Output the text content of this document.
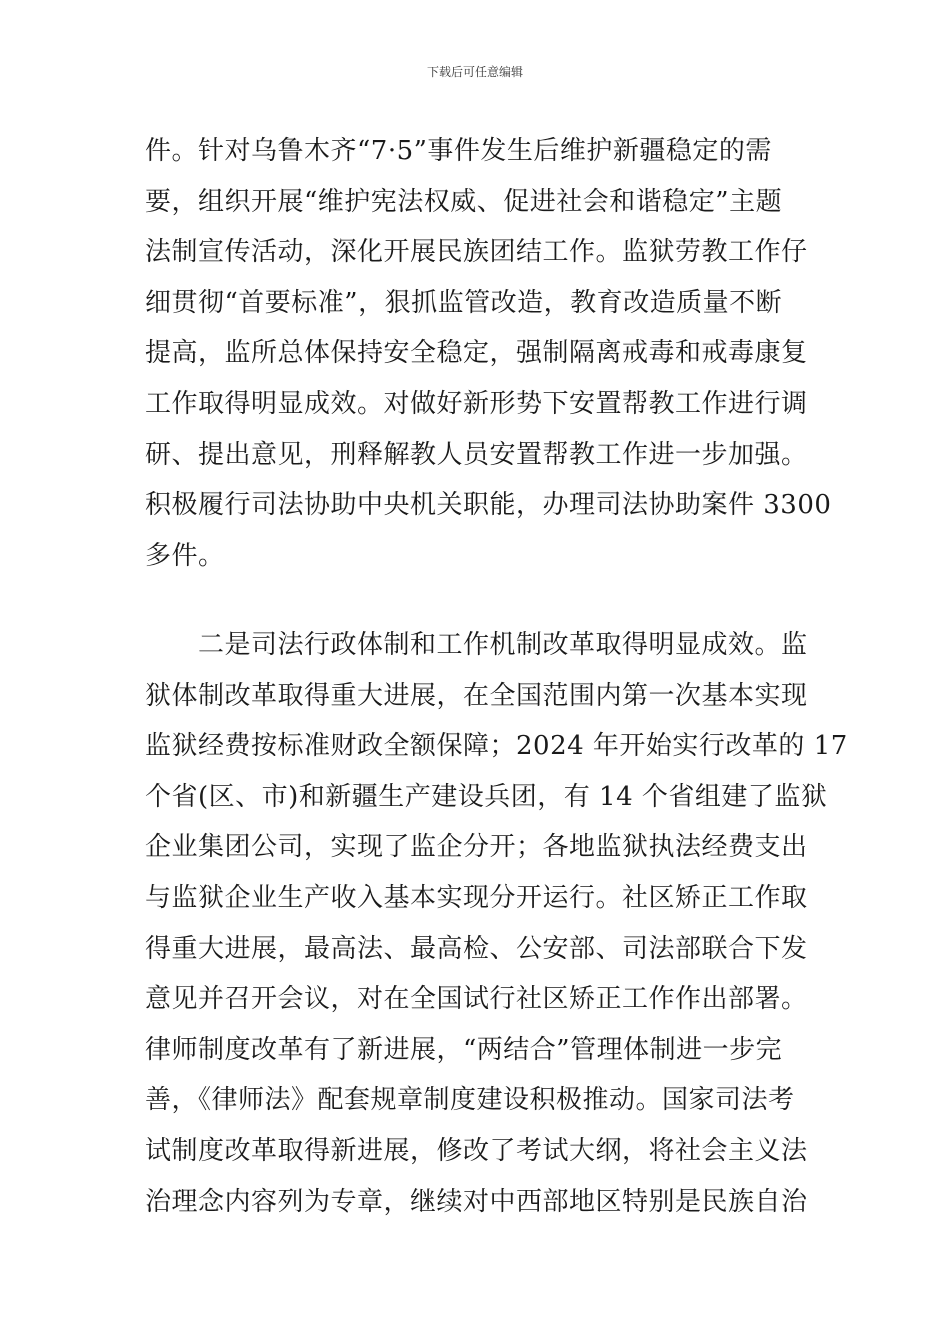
下载后可任意编辑
件。针对乌鲁木齐“7·5”事件发生后维护新疆稳定的需
要，组织开展“维护宪法权威、促进社会和谐稳定”主题
法制宣传活动，深化开展民族团结工作。监狱劳教工作仔
细贯彻“首要标准”，狠抓监管改造，教育改造质量不断
提高，监所总体保持安全稳定，强制隔离戒毒和戒毒康复
工作取得明显成效。对做好新形势下安置帮教工作进行调
研、提出意见，刑释解教人员安置帮教工作进一步加强。
积极履行司法协助中央机关职能，办理司法协助案件 3300
多件。
　　二是司法行政体制和工作机制改革取得明显成效。监
狱体制改革取得重大进展，在全国范围内第一次基本实现
监狱经费按标准财政全额保障；2024 年开始实行改革的 17
个省(区、市)和新疆生产建设兵团，有 14 个省组建了监狱
企业集团公司，实现了监企分开；各地监狱执法经费支出
与监狱企业生产收入基本实现分开运行。社区矫正工作取
得重大进展，最高法、最高检、公安部、司法部联合下发
意见并召开会议，对在全国试行社区矫正工作作出部署。
律师制度改革有了新进展，“两结合”管理体制进一步完
善，《律师法》配套规章制度建设积极推动。国家司法考
试制度改革取得新进展，修改了考试大纲，将社会主义法
治理念内容列为专章，继续对中西部地区特别是民族自治
